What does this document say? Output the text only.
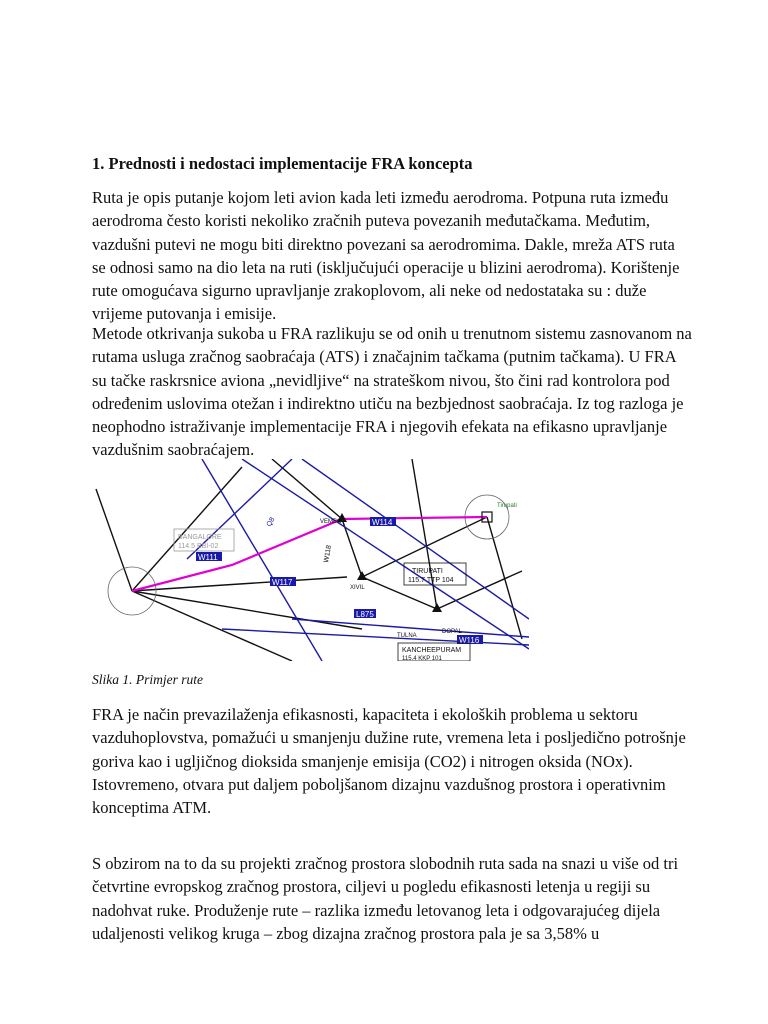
1. Prednosti i nedostaci implementacije FRA koncepta

Ruta je opis putanje kojom leti avion kada leti između aerodroma. Potpuna ruta između aerodroma često koristi nekoliko zračnih puteva povezanih međutačkama. Međutim, vazdušni putevi ne mogu biti direktno povezani sa aerodromima. Dakle, mreža ATS ruta se odnosi samo na dio leta na ruti (isključujući operacije u blizini aerodroma). Korištenje rute omogućava sigurno upravljanje zrakoplovom, ali neke od nedostataka su : duže vrijeme putovanja i emisije.

Metode otkrivanja sukoba u FRA razlikuju se od onih u trenutnom sistemu zasnovanom na rutama usluga zračnog saobraćaja (ATS) i značajnim tačkama (putnim tačkama). U FRA su tačke raskrsnice aviona „nevidljive“ na strateškom nivou, što čini rad kontrolora pod određenim uslovima otežan i indirektno utiču na bezbjednost saobraćaja. Iz tog razloga je neophodno istraživanje implementacije FRA i njegovih efekata na efikasno upravljanje vazdušnim saobraćajem.

W117
L875
W116
W114
W111
BANGALORE
114.5 BBI-02
TIRUPATI
115.7 TTP 104
KANCHEEPURAM
115.4 KKP 101
VEMBO
XIVIL
TULNA
DOPAL
Tirupati
W118
Q8

Slika 1. Primjer rute

FRA je način prevazilaženja efikasnosti, kapaciteta i ekoloških problema u sektoru vazduhoplovstva, pomažući u smanjenju dužine rute, vremena leta i posljedično potrošnje goriva kao i ugljičnog dioksida smanjenje emisija (CO2) i nitrogen oksida (NOx). Istovremeno, otvara put daljem poboljšanom dizajnu vazdušnog prostora i operativnim konceptima ATM.

S obzirom na to da su projekti zračnog prostora slobodnih ruta sada na snazi u više od tri četvrtine evropskog zračnog prostora, ciljevi u pogledu efikasnosti letenja u regiji su nadohvat ruke. Produženje rute – razlika između letovanog leta i odgovarajućeg dijela udaljenosti velikog kruga – zbog dizajna zračnog prostora pala je sa 3,58% u
